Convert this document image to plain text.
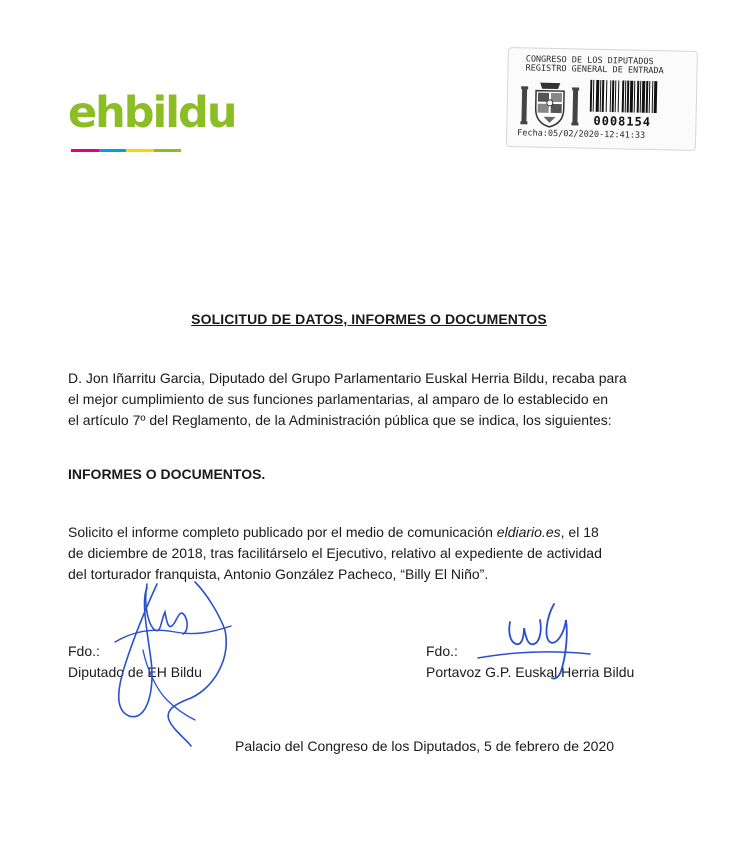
ehbildu
CONGRESO DE LOS DIPUTADOS
REGISTRO GENERAL DE ENTRADA
0008154
Fecha:05/02/2020-12:41:33
SOLICITUD DE DATOS, INFORMES O DOCUMENTOS
D. Jon Iñarritu Garcia, Diputado del Grupo Parlamentario Euskal Herria Bildu, recaba para
el mejor cumplimiento de sus funciones parlamentarias, al amparo de lo establecido en
el artículo 7º del Reglamento, de la Administración pública que se indica, los siguientes:
INFORMES O DOCUMENTOS.
Solicito el informe completo publicado por el medio de comunicación eldiario.es, el 18
de diciembre de 2018, tras facilitárselo el Ejecutivo, relativo al expediente de actividad
del torturador franquista, Antonio González Pacheco, “Billy El Niño”.
Fdo.:
Diputado de EH Bildu
Fdo.:
Portavoz G.P. Euskal Herria Bildu
Palacio del Congreso de los Diputados, 5 de febrero de 2020
